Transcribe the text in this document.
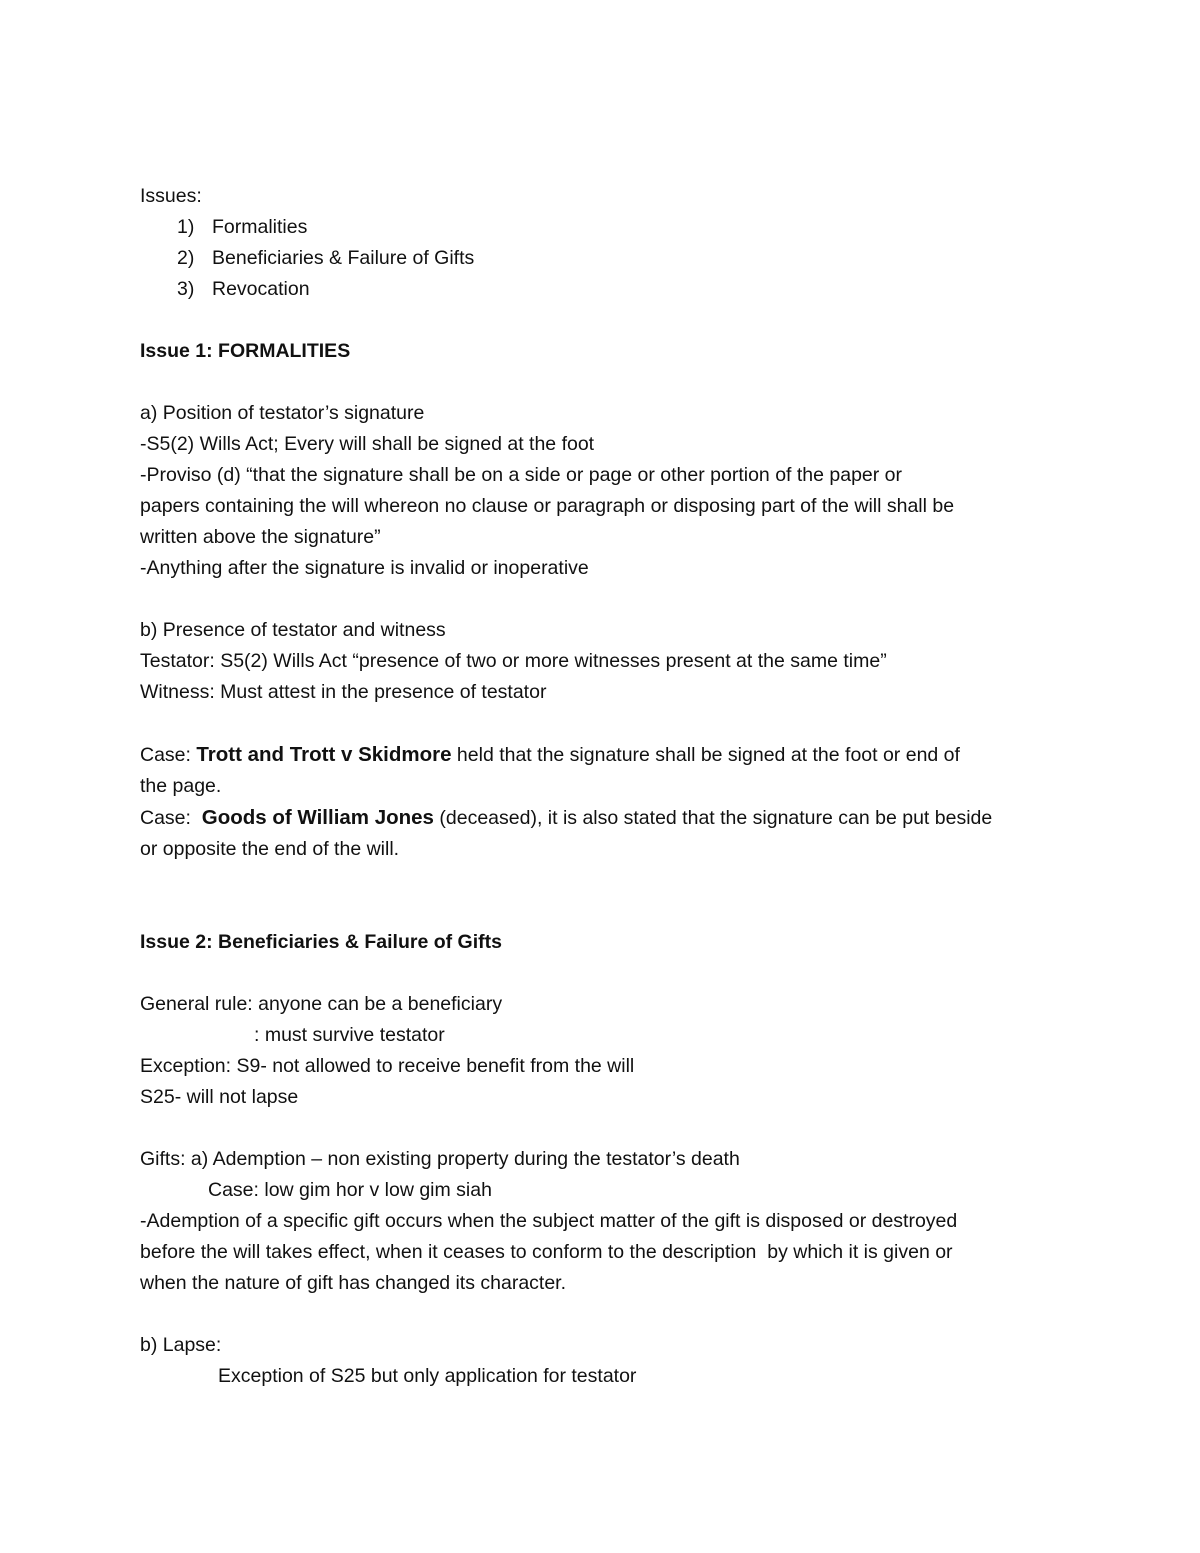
Issues:
1) Formalities
2) Beneficiaries & Failure of Gifts
3) Revocation
Issue 1: FORMALITIES
a) Position of testator’s signature
-S5(2) Wills Act; Every will shall be signed at the foot
-Proviso (d) “that the signature shall be on a side or page or other portion of the paper or
papers containing the will whereon no clause or paragraph or disposing part of the will shall be
written above the signature”
-Anything after the signature is invalid or inoperative
b) Presence of testator and witness
Testator: S5(2) Wills Act “presence of two or more witnesses present at the same time”
Witness: Must attest in the presence of testator
Case: Trott and Trott v Skidmore held that the signature shall be signed at the foot or end of
the page.
Case:  Goods of William Jones (deceased), it is also stated that the signature can be put beside
or opposite the end of the will.
Issue 2: Beneficiaries & Failure of Gifts
General rule: anyone can be a beneficiary
: must survive testator
Exception: S9- not allowed to receive benefit from the will
S25- will not lapse
Gifts: a) Ademption – non existing property during the testator’s death
Case: low gim hor v low gim siah
-Ademption of a specific gift occurs when the subject matter of the gift is disposed or destroyed
before the will takes effect, when it ceases to conform to the description  by which it is given or
when the nature of gift has changed its character.
b) Lapse:
Exception of S25 but only application for testator
